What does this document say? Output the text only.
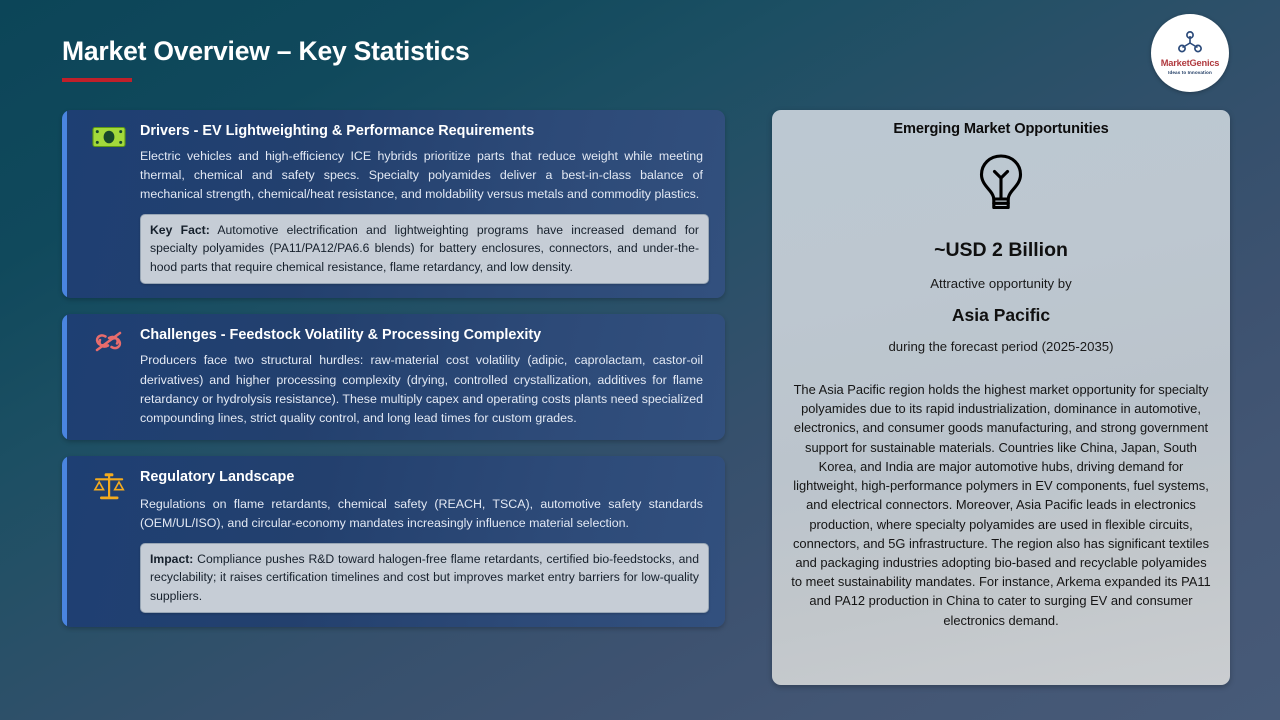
Market Overview – Key Statistics	MarketGenics
Ideas to Innovation
Drivers - EV Lightweighting & Performance Requirements
Electric vehicles and high-efficiency ICE hybrids prioritize parts that reduce weight while meeting thermal, chemical and safety specs. Specialty polyamides deliver a best-in-class balance of mechanical strength, chemical/heat resistance, and moldability versus metals and commodity plastics.
Key Fact: Automotive electrification and lightweighting programs have increased demand for specialty polyamides (PA11/PA12/PA6.6 blends) for battery enclosures, connectors, and under-the-hood parts that require chemical resistance, flame retardancy, and low density.
Challenges - Feedstock Volatility & Processing Complexity
Producers face two structural hurdles: raw-material cost volatility (adipic, caprolactam, castor-oil derivatives) and higher processing complexity (drying, controlled crystallization, additives for flame retardancy or hydrolysis resistance). These multiply capex and operating costs plants need specialized compounding lines, strict quality control, and long lead times for custom grades.
Regulatory Landscape
Regulations on flame retardants, chemical safety (REACH, TSCA), automotive safety standards (OEM/UL/ISO), and circular-economy mandates increasingly influence material selection.
Impact: Compliance pushes R&D toward halogen-free flame retardants, certified bio-feedstocks, and recyclability; it raises certification timelines and cost but improves market entry barriers for low-quality suppliers.
Emerging Market Opportunities
~USD 2 Billion
Attractive opportunity by
Asia Pacific
during the forecast period (2025-2035)
The Asia Pacific region holds the highest market opportunity for specialty polyamides due to its rapid industrialization, dominance in automotive, electronics, and consumer goods manufacturing, and strong government support for sustainable materials. Countries like China, Japan, South Korea, and India are major automotive hubs, driving demand for lightweight, high-performance polymers in EV components, fuel systems, and electrical connectors. Moreover, Asia Pacific leads in electronics production, where specialty polyamides are used in flexible circuits, connectors, and 5G infrastructure. The region also has significant textiles and packaging industries adopting bio-based and recyclable polyamides to meet sustainability mandates. For instance, Arkema expanded its PA11 and PA12 production in China to cater to surging EV and consumer electronics demand.
